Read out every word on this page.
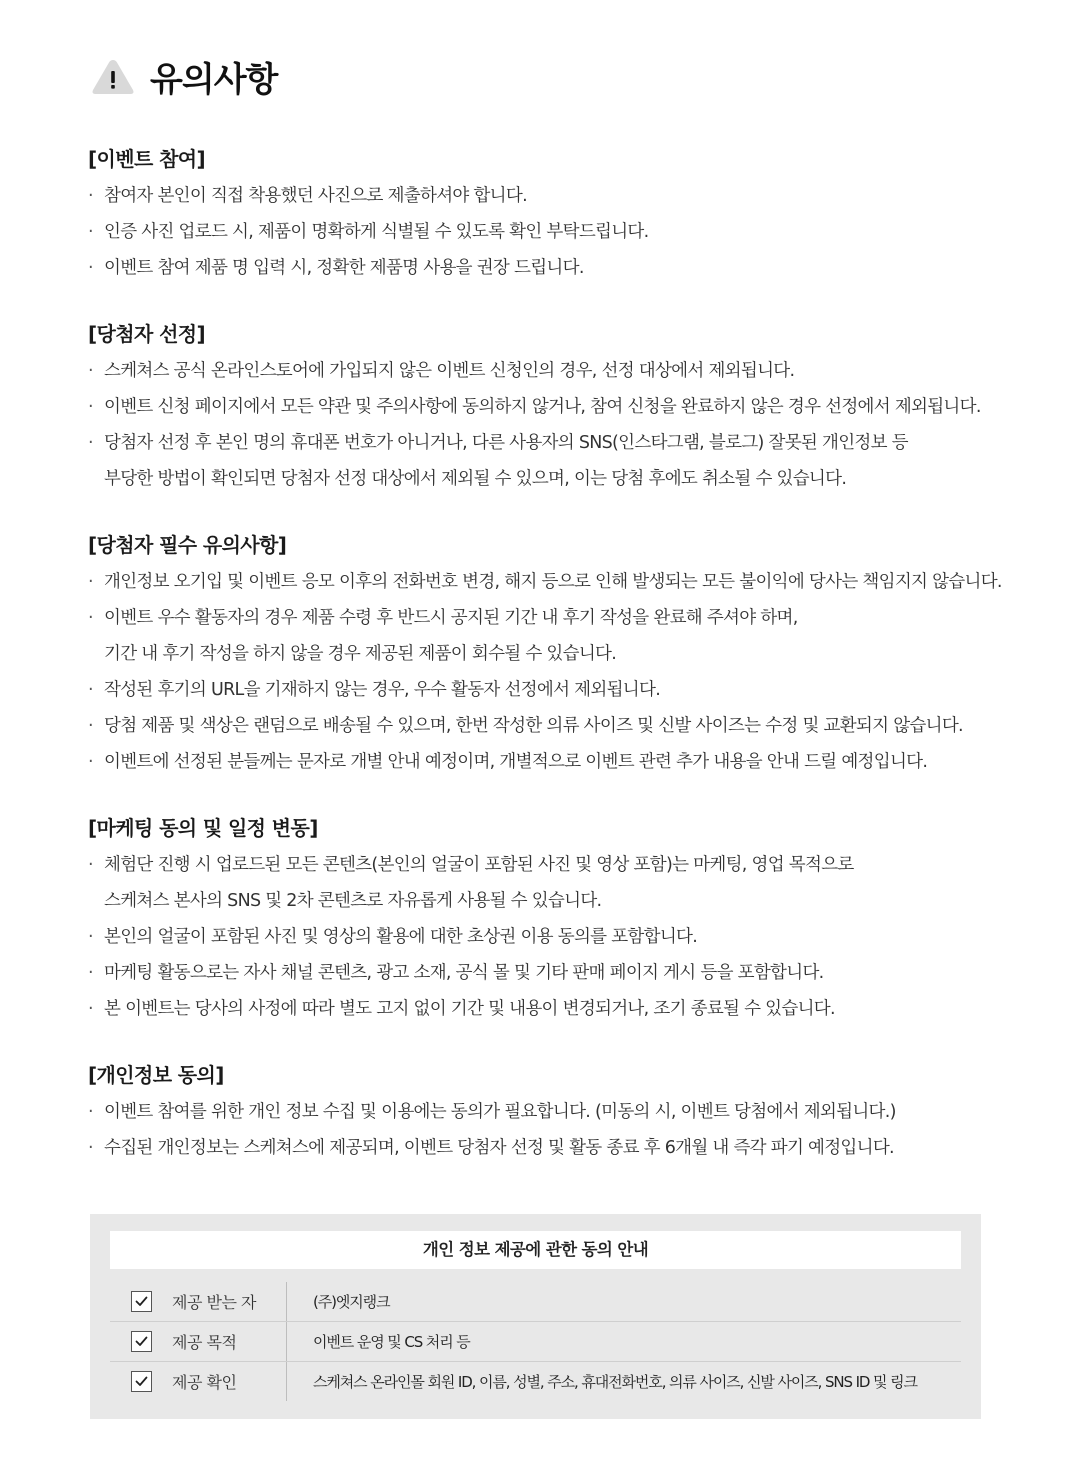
유의사항
[이벤트 참여]
· 참여자 본인이 직접 착용했던 사진으로 제출하셔야 합니다.
· 인증 사진 업로드 시, 제품이 명확하게 식별될 수 있도록 확인 부탁드립니다.
· 이벤트 참여 제품 명 입력 시, 정확한 제품명 사용을 권장 드립니다.
[당첨자 선정]
· 스케쳐스 공식 온라인스토어에 가입되지 않은 이벤트 신청인의 경우, 선정 대상에서 제외됩니다.
· 이벤트 신청 페이지에서 모든 약관 및 주의사항에 동의하지 않거나, 참여 신청을 완료하지 않은 경우 선정에서 제외됩니다.
· 당첨자 선정 후 본인 명의 휴대폰 번호가 아니거나, 다른 사용자의 SNS(인스타그램, 블로그) 잘못된 개인정보 등
부당한 방법이 확인되면 당첨자 선정 대상에서 제외될 수 있으며, 이는 당첨 후에도 취소될 수 있습니다.
[당첨자 필수 유의사항]
· 개인정보 오기입 및 이벤트 응모 이후의 전화번호 변경, 해지 등으로 인해 발생되는 모든 불이익에 당사는 책임지지 않습니다.
· 이벤트 우수 활동자의 경우 제품 수령 후 반드시 공지된 기간 내 후기 작성을 완료해 주셔야 하며,
기간 내 후기 작성을 하지 않을 경우 제공된 제품이 회수될 수 있습니다.
· 작성된 후기의 URL을 기재하지 않는 경우, 우수 활동자 선정에서 제외됩니다.
· 당첨 제품 및 색상은 랜덤으로 배송될 수 있으며, 한번 작성한 의류 사이즈 및 신발 사이즈는 수정 및 교환되지 않습니다.
· 이벤트에 선정된 분들께는 문자로 개별 안내 예정이며, 개별적으로 이벤트 관련 추가 내용을 안내 드릴 예정입니다.
[마케팅 동의 및 일정 변동]
· 체험단 진행 시 업로드된 모든 콘텐츠(본인의 얼굴이 포함된 사진 및 영상 포함)는 마케팅, 영업 목적으로
스케쳐스 본사의 SNS 및 2차 콘텐츠로 자유롭게 사용될 수 있습니다.
· 본인의 얼굴이 포함된 사진 및 영상의 활용에 대한 초상권 이용 동의를 포함합니다.
· 마케팅 활동으로는 자사 채널 콘텐츠, 광고 소재, 공식 몰 및 기타 판매 페이지 게시 등을 포함합니다.
· 본 이벤트는 당사의 사정에 따라 별도 고지 없이 기간 및 내용이 변경되거나, 조기 종료될 수 있습니다.
[개인정보 동의]
· 이벤트 참여를 위한 개인 정보 수집 및 이용에는 동의가 필요합니다. (미동의 시, 이벤트 당첨에서 제외됩니다.)
· 수집된 개인정보는 스케쳐스에 제공되며, 이벤트 당첨자 선정 및 활동 종료 후 6개월 내 즉각 파기 예정입니다.
개인 정보 제공에 관한 동의 안내
제공 받는 자	(주)엣지랭크
제공 목적	이벤트 운영 및 CS 처리 등
제공 확인	스케쳐스 온라인몰 회원 ID, 이름, 성별, 주소, 휴대전화번호, 의류 사이즈, 신발 사이즈, SNS ID 및 링크
